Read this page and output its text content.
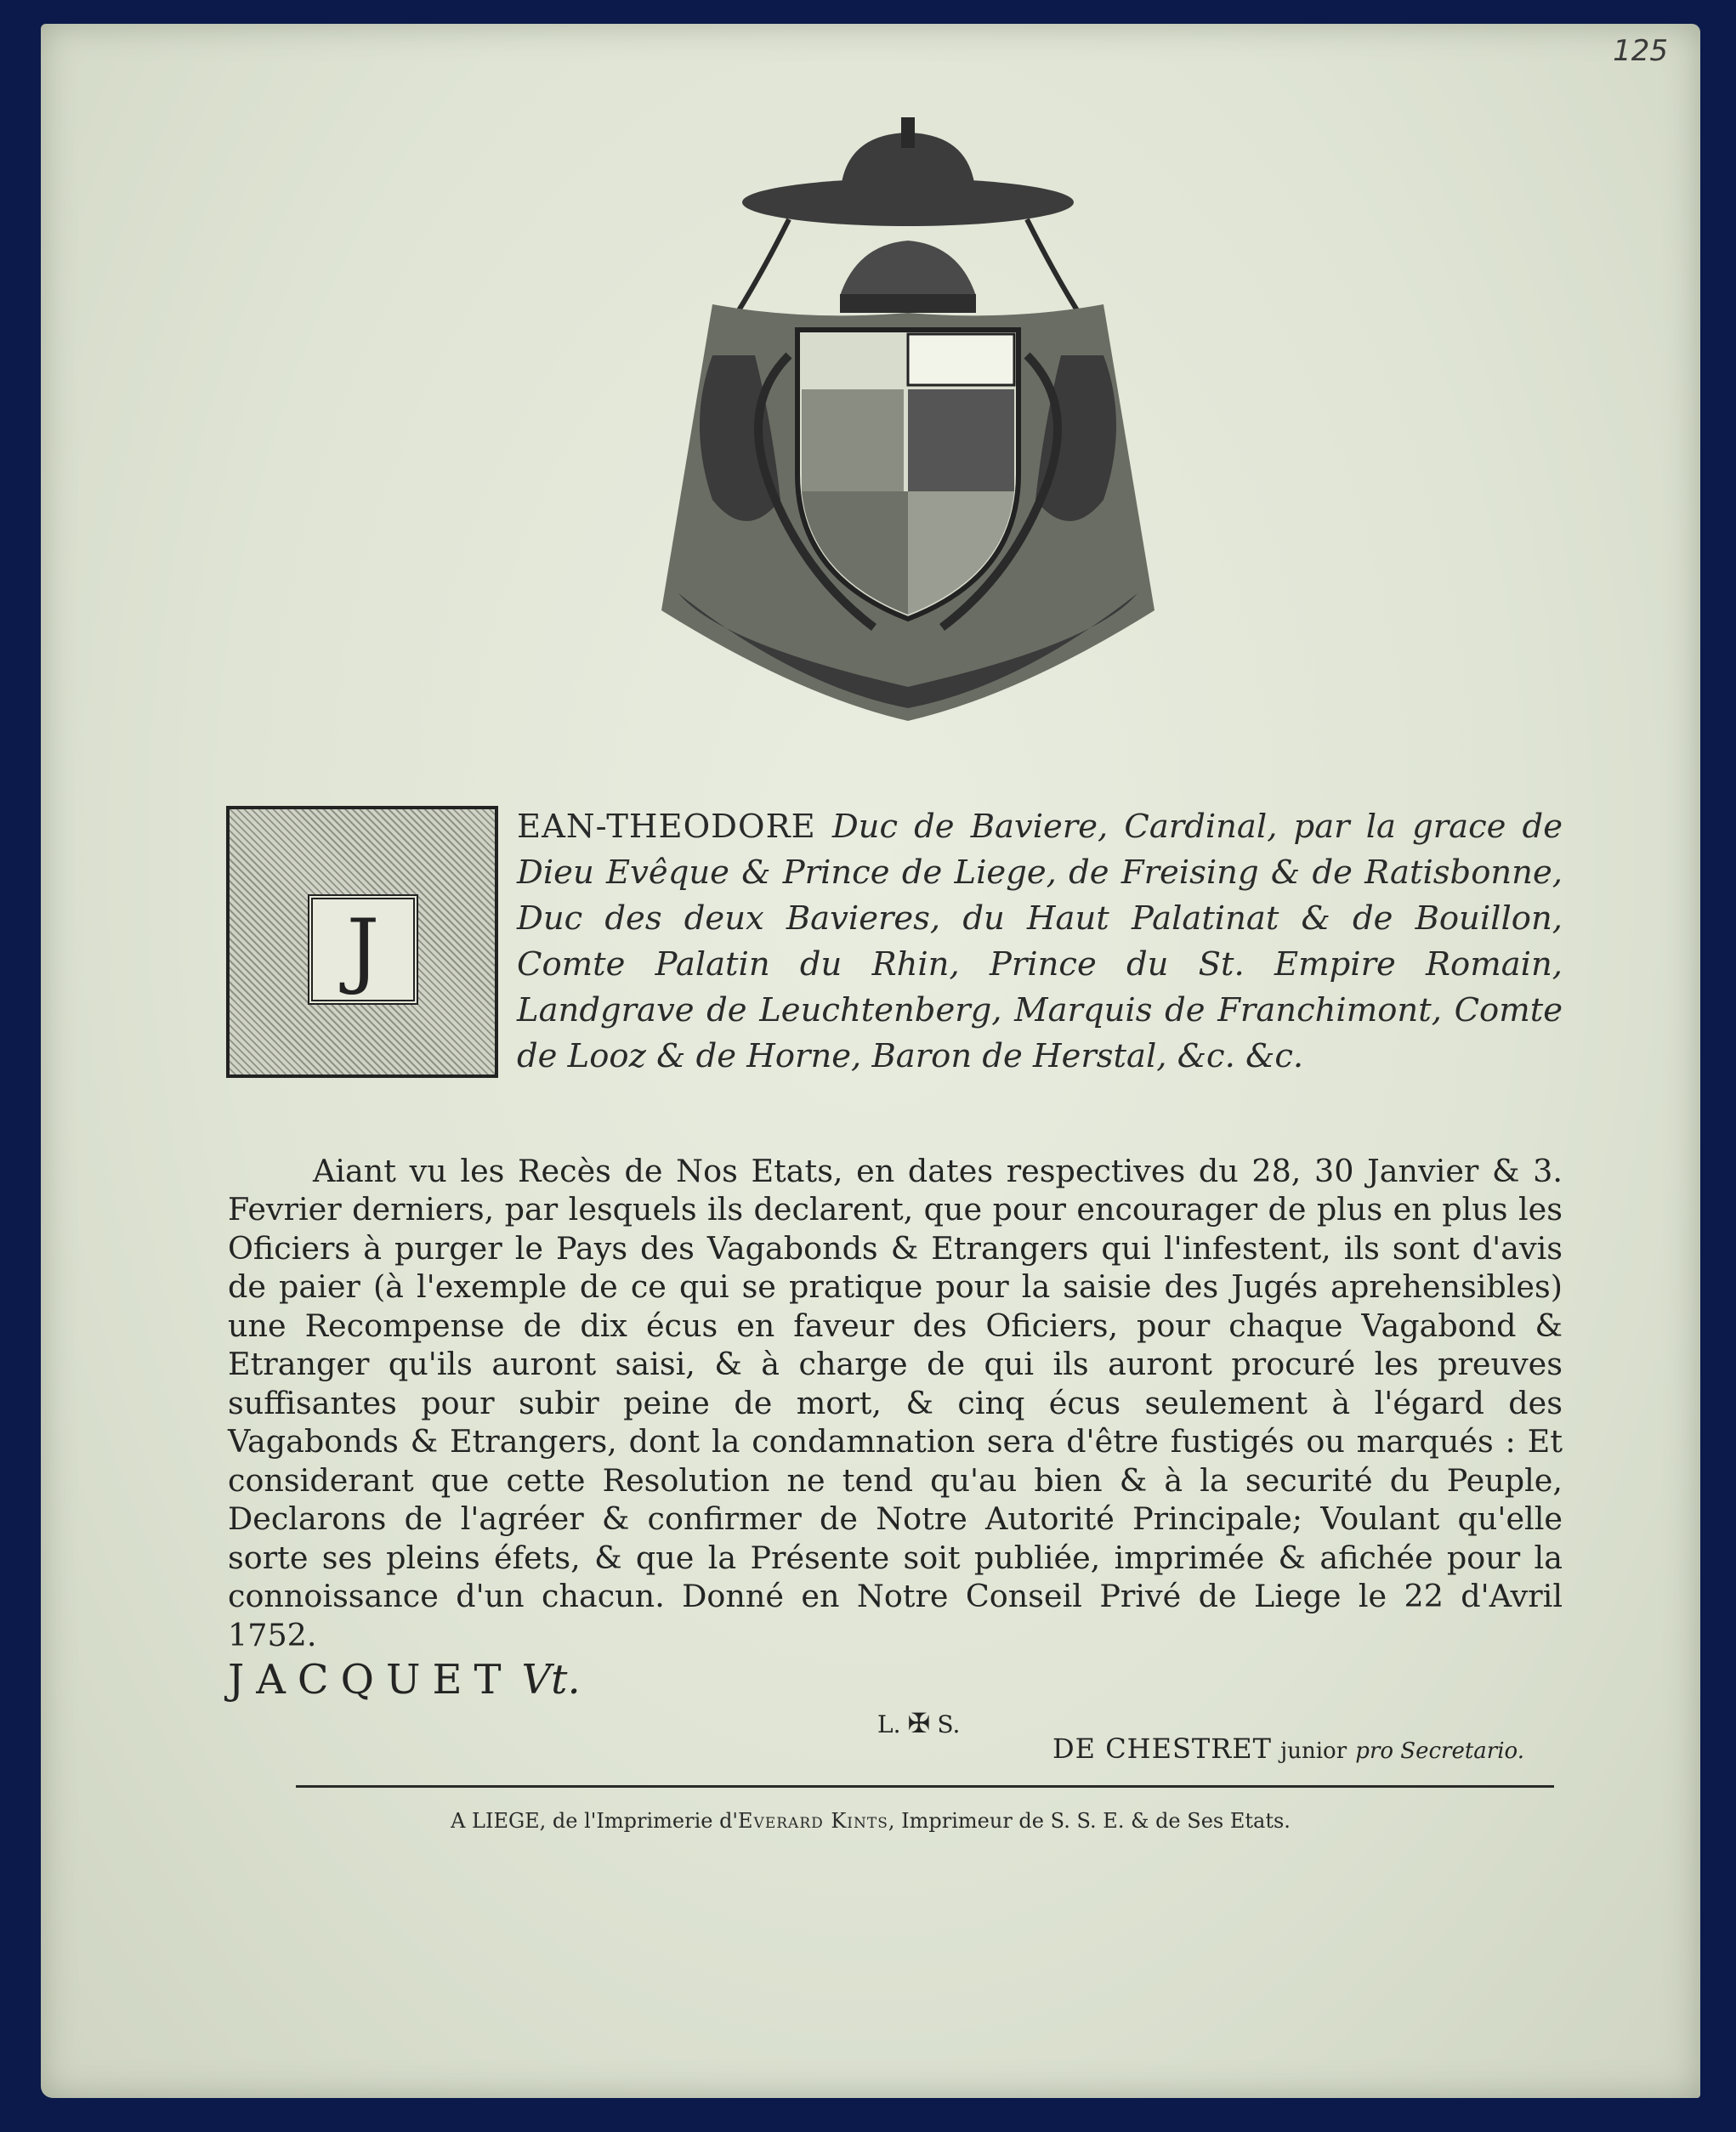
125
J
EAN-THEODORE Duc de Baviere, Cardinal, par la grace de Dieu Evêque & Prince de Liege, de Freising & de Ratisbonne, Duc des deux Bavieres, du Haut Palatinat & de Bouillon, Comte Palatin du Rhin, Prince du St. Empire Romain, Landgrave de Leuchtenberg, Marquis de Franchimont, Comte de Looz & de Horne, Baron de Herstal, &c. &c.

Aiant vu les Recès de Nos Etats, en dates respectives du 28, 30 Janvier & 3. Fevrier derniers, par lesquels ils declarent, que pour encourager de plus en plus les Oficiers à purger le Pays des Vagabonds & Etrangers qui l'infestent, ils sont d'avis de paier (à l'exemple de ce qui se pratique pour la saisie des Jugés aprehensibles) une Recompense de dix écus en faveur des Oficiers, pour chaque Vagabond & Etranger qu'ils auront saisi, & à charge de qui ils auront procuré les preuves suffisantes pour subir peine de mort, & cinq écus seulement à l'égard des Vagabonds & Etrangers, dont la condamnation sera d'être fustigés ou marqués : Et considerant que cette Resolution ne tend qu'au bien & à la securité du Peuple, Declarons de l'agréer & confirmer de Notre Autorité Principale; Voulant qu'elle sorte ses pleins éfets, & que la Présente soit publiée, imprimée & afichée pour la connoissance d'un chacun. Donné en Notre Conseil Privé de Liege le 22 d'Avril 1752.

JACQUET Vt.
L. ✠ S.
DE CHESTRET junior pro Secretario.
A LIEGE, de l'Imprimerie d'Everard Kints, Imprimeur de S. S. E. & de Ses Etats.
